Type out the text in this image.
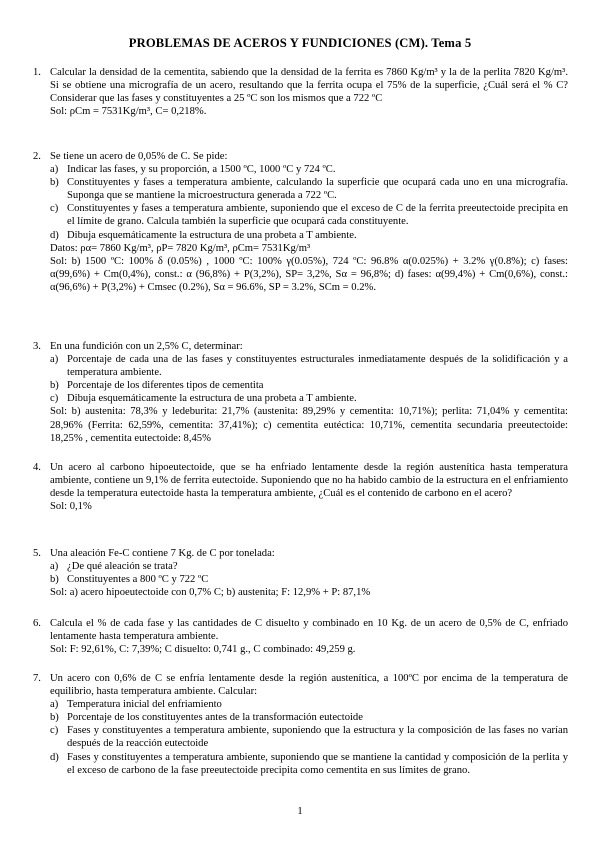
PROBLEMAS DE ACEROS Y FUNDICIONES (CM). Tema 5
1. Calcular la densidad de la cementita, sabiendo que la densidad de la ferrita es 7860 Kg/m³ y la de la perlita 7820 Kg/m³. Si se obtiene una micrografía de un acero, resultando que la ferrita ocupa el 75% de la superficie, ¿Cuál será el % C? Considerar que las fases y constituyentes a 25 ºC son los mismos que a 722 ºC
Sol: ρCm = 7531Kg/m³, C= 0,218%.
2. Se tiene un acero de 0,05% de C. Se pide:
a) Indicar las fases, y su proporción, a 1500 ºC, 1000 ºC y 724 ºC.
b) Constituyentes y fases a temperatura ambiente, calculando la superficie que ocupará cada uno en una micrografía. Suponga que se mantiene la microestructura generada a 722 ºC.
c) Constituyentes y fases a temperatura ambiente, suponiendo que el exceso de C de la ferrita preeutectoide precipita en el límite de grano. Calcula también la superficie que ocupará cada constituyente.
d) Dibuja esquemáticamente la estructura de una probeta a T ambiente.
Datos: ρα= 7860 Kg/m³, ρP= 7820 Kg/m³, ρCm= 7531Kg/m³
Sol: b) 1500 ºC: 100% δ (0.05%) , 1000 ºC: 100% γ(0.05%), 724 ºC: 96.8% α(0.025%) + 3.2% γ(0.8%); c) fases: α(99,6%) + Cm(0,4%), const.: α (96,8%) + P(3,2%), SP= 3,2%, Sα = 96,8%; d) fases: α(99,4%) + Cm(0,6%), const.: α(96,6%) + P(3,2%) + Cmsec (0.2%), Sα = 96.6%, SP = 3.2%, SCm = 0.2%.
3. En una fundición con un 2,5% C, determinar:
a) Porcentaje de cada una de las fases y constituyentes estructurales inmediatamente después de la solidificación y a temperatura ambiente.
b) Porcentaje de los diferentes tipos de cementita
c) Dibuja esquemáticamente la estructura de una probeta a T ambiente.
Sol: b) austenita: 78,3% y ledeburita: 21,7% (austenita: 89,29% y cementita: 10,71%); perlita: 71,04% y cementita: 28,96% (Ferrita: 62,59%, cementita: 37,41%); c) cementita eutéctica: 10,71%, cementita secundaria preeutectoide: 18,25% , cementita eutectoide: 8,45%
4. Un acero al carbono hipoeutectoide, que se ha enfriado lentamente desde la región austenítica hasta temperatura ambiente, contiene un 9,1% de ferrita eutectoide. Suponiendo que no ha habido cambio de la estructura en el enfriamiento desde la temperatura eutectoide hasta la temperatura ambiente, ¿Cuál es el contenido de carbono en el acero?
Sol: 0,1%
5. Una aleación Fe-C contiene 7 Kg. de C por tonelada:
a) ¿De qué aleación se trata?
b) Constituyentes a 800 ºC y 722 ºC
Sol: a) acero hipoeutectoide con 0,7% C; b) austenita; F: 12,9% + P: 87,1%
6. Calcula el % de cada fase y las cantidades de C disuelto y combinado en 10 Kg. de un acero de 0,5% de C, enfriado lentamente hasta temperatura ambiente.
Sol: F: 92,61%, C: 7,39%; C disuelto: 0,741 g., C combinado: 49,259 g.
7. Un acero con 0,6% de C se enfría lentamente desde la región austenítica, a 100ºC por encima de la temperatura de equilibrio, hasta temperatura ambiente. Calcular:
a) Temperatura inicial del enfriamiento
b) Porcentaje de los constituyentes antes de la transformación eutectoide
c) Fases y constituyentes a temperatura ambiente, suponiendo que la estructura y la composición de las fases no varían después de la reacción eutectoide
d) Fases y constituyentes a temperatura ambiente, suponiendo que se mantiene la cantidad y composición de la perlita y el exceso de carbono de la fase preeutectoide precipita como cementita en sus límites de grano.
1
